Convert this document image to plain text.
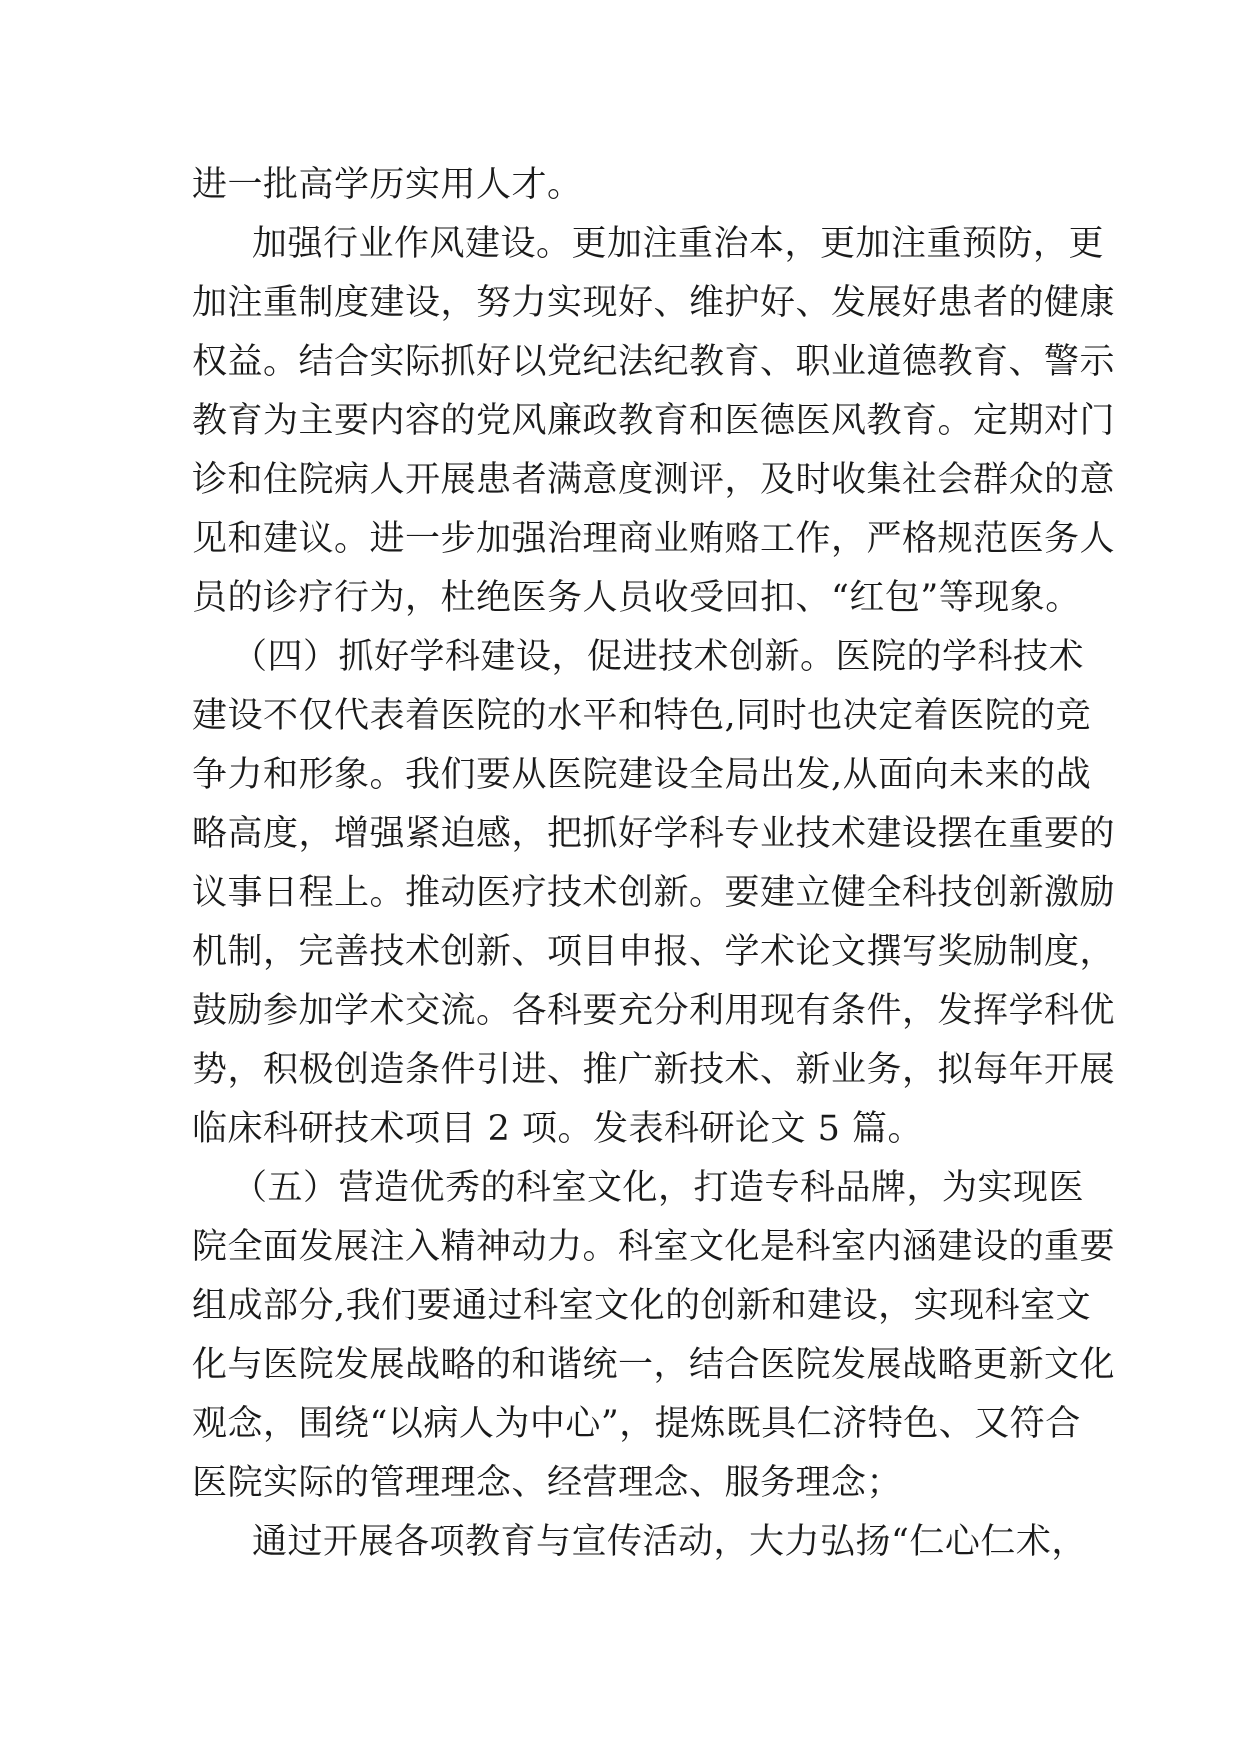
进一批高学历实用人才。
加强行业作风建设。更加注重治本，更加注重预防，更
加注重制度建设，努力实现好、维护好、发展好患者的健康
权益。结合实际抓好以党纪法纪教育、职业道德教育、警示
教育为主要内容的党风廉政教育和医德医风教育。定期对门
诊和住院病人开展患者满意度测评，及时收集社会群众的意
见和建议。进一步加强治理商业贿赂工作，严格规范医务人
员的诊疗行为，杜绝医务人员收受回扣、“红包”等现象。
（四）抓好学科建设，促进技术创新。医院的学科技术
建设不仅代表着医院的水平和特色,同时也决定着医院的竞
争力和形象。我们要从医院建设全局出发,从面向未来的战
略高度，增强紧迫感，把抓好学科专业技术建设摆在重要的
议事日程上。推动医疗技术创新。要建立健全科技创新激励
机制，完善技术创新、项目申报、学术论文撰写奖励制度，
鼓励参加学术交流。各科要充分利用现有条件，发挥学科优
势，积极创造条件引进、推广新技术、新业务，拟每年开展
临床科研技术项目 2 项。发表科研论文 5 篇。
（五）营造优秀的科室文化，打造专科品牌，为实现医
院全面发展注入精神动力。科室文化是科室内涵建设的重要
组成部分,我们要通过科室文化的创新和建设，实现科室文
化与医院发展战略的和谐统一，结合医院发展战略更新文化
观念，围绕“以病人为中心”，提炼既具仁济特色、又符合
医院实际的管理理念、经营理念、服务理念；
通过开展各项教育与宣传活动，大力弘扬“仁心仁术，
